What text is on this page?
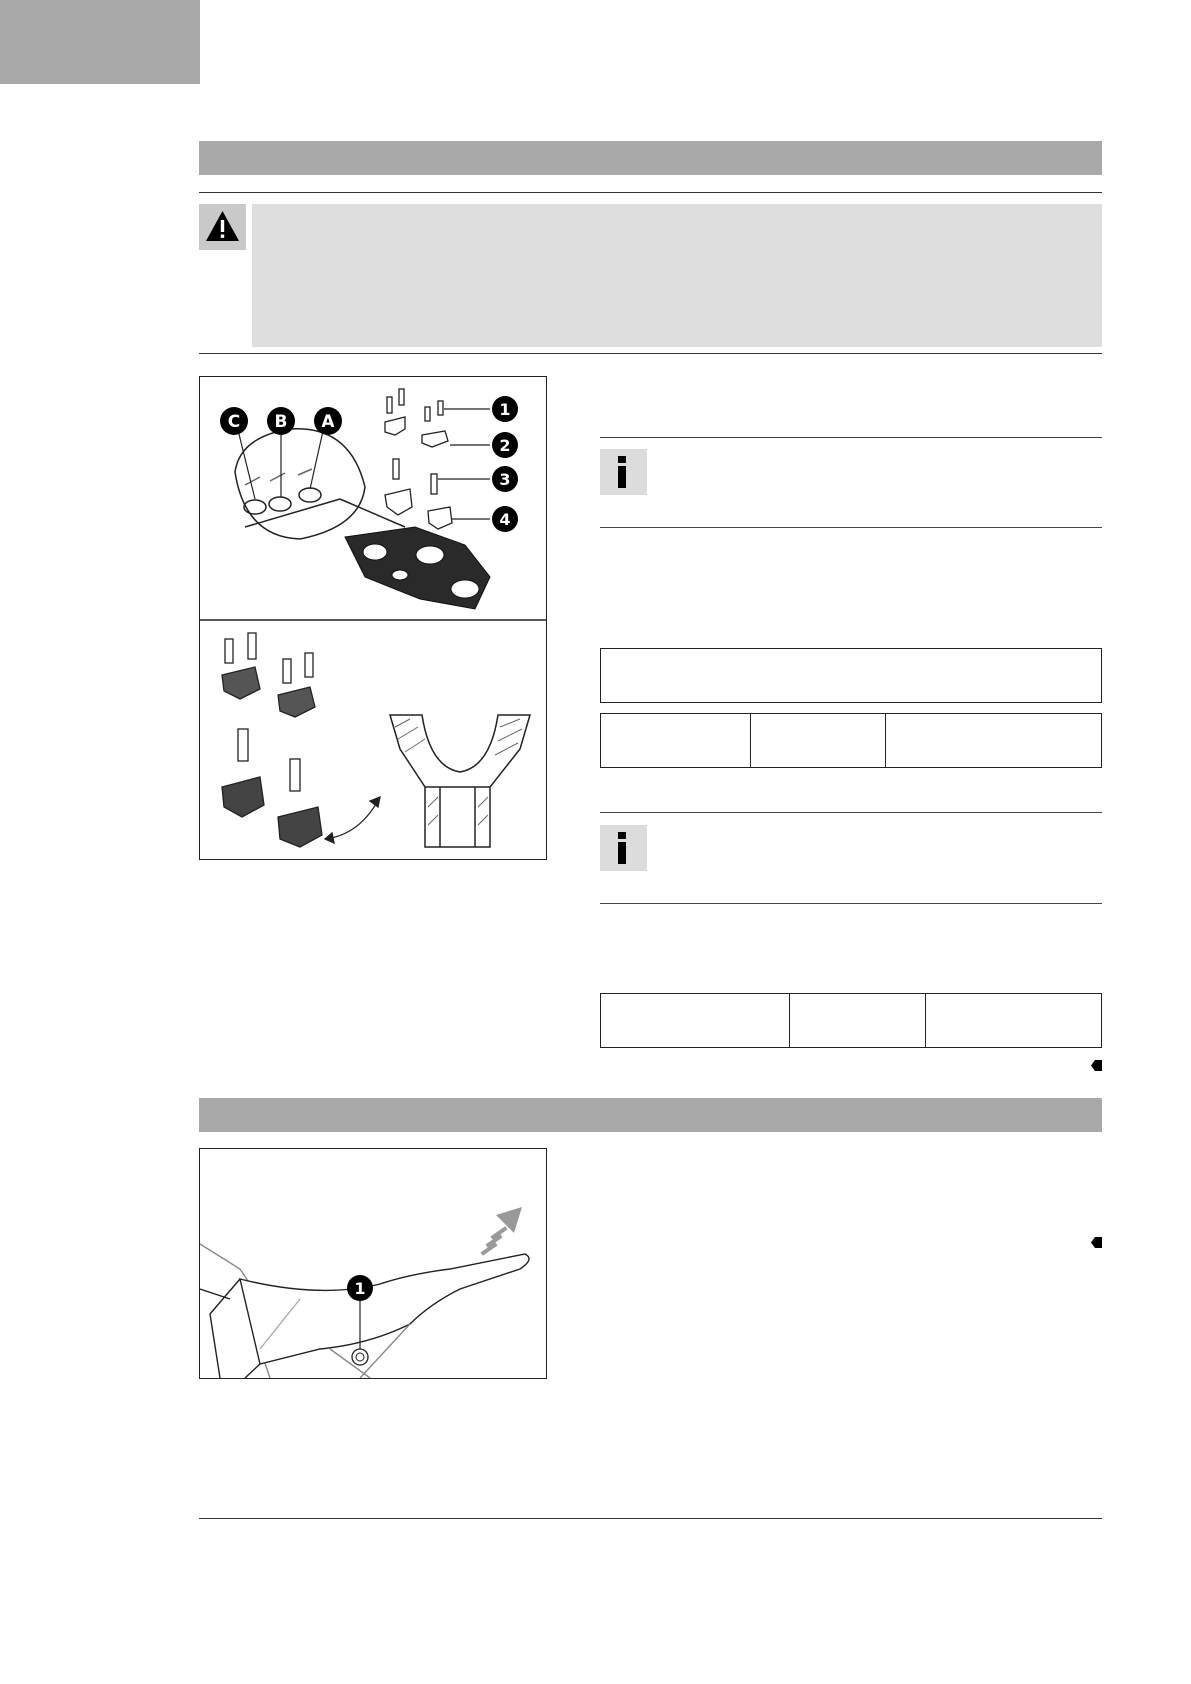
C B A
1
2
3
4
1
